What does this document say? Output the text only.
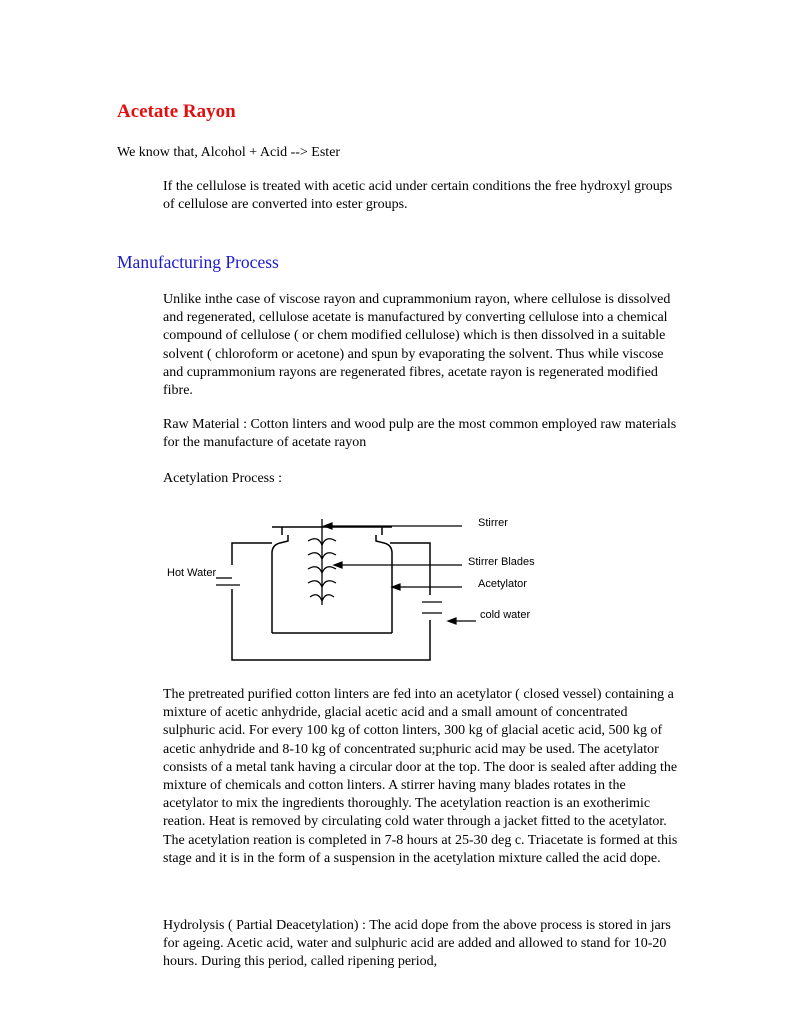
Acetate Rayon

We know that, Alcohol + Acid --> Ester

If the cellulose is treated with acetic acid under certain conditions the free hydroxyl groups of cellulose are converted into ester groups.

Manufacturing Process

Unlike inthe case of viscose rayon and cuprammonium rayon, where cellulose is dissolved and regenerated, cellulose acetate is manufactured by converting cellulose into a chemical compound of cellulose ( or chem modified cellulose) which is then dissolved in a suitable solvent ( chloroform or acetone) and spun by evaporating the solvent. Thus while viscose and cuprammonium rayons are regenerated fibres, acetate rayon is regenerated modified fibre.

Raw Material : Cotton linters and wood pulp are the most common employed raw materials for the manufacture of acetate rayon

Acetylation Process :

Stirrer
Stirrer Blades
Acetylator
cold water
Hot Water

The pretreated purified cotton linters are fed into an acetylator ( closed vessel) containing a mixture of acetic anhydride, glacial acetic acid and a small amount of concentrated sulphuric acid. For every 100 kg of cotton linters, 300 kg of glacial acetic acid, 500 kg of acetic anhydride and 8-10 kg of concentrated su;phuric acid may be used. The acetylator consists of a metal tank having a circular door at the top. The door is sealed after adding the mixture of chemicals and cotton linters. A stirrer having many blades rotates in the acetylator to mix the ingredients thoroughly. The acetylation reaction is an exotherimic reation. Heat is removed by circulating cold water through a jacket fitted to the acetylator. The acetylation reation is completed in 7-8 hours at 25-30 deg c. Triacetate is formed at this stage and it is in the form of a suspension in the acetylation mixture called the acid dope.

Hydrolysis ( Partial Deacetylation) : The acid dope from the above process is stored in jars for ageing. Acetic acid, water and sulphuric acid are added and allowed to stand for 10-20 hours. During this period, called ripening period,
